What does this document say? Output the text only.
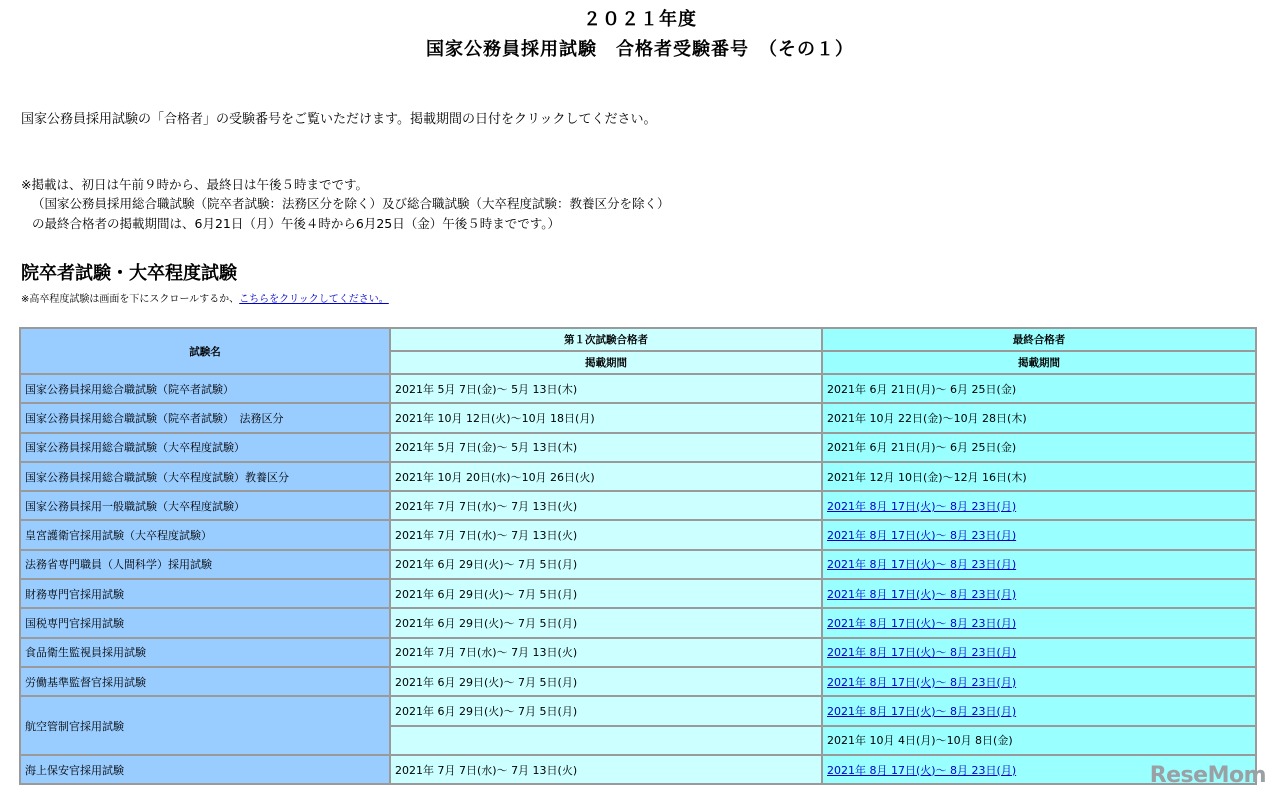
２０２１年度
国家公務員採用試験　合格者受験番号　（その１）
国家公務員採用試験の「合格者」の受験番号をご覧いただけます。掲載期間の日付をクリックしてください。
※掲載は、初日は午前９時から、最終日は午後５時までです。
（国家公務員採用総合職試験（院卒者試験：法務区分を除く）及び総合職試験（大卒程度試験：教養区分を除く）
の最終合格者の掲載期間は、6月21日（月）午後４時から6月25日（金）午後５時までです。）
院卒者試験・大卒程度試験
※高卒程度試験は画面を下にスクロールするか、こちらをクリックしてください。
試験名	第１次試験合格者	最終合格者
	掲載期間	掲載期間
国家公務員採用総合職試験（院卒者試験）	2021年 5月 7日(金)～ 5月 13日(木)	2021年 6月 21日(月)～ 6月 25日(金)
国家公務員採用総合職試験（院卒者試験）　法務区分	2021年 10月 12日(火)～10月 18日(月)	2021年 10月 22日(金)～10月 28日(木)
国家公務員採用総合職試験（大卒程度試験）	2021年 5月 7日(金)～ 5月 13日(木)	2021年 6月 21日(月)～ 6月 25日(金)
国家公務員採用総合職試験（大卒程度試験）教養区分	2021年 10月 20日(水)～10月 26日(火)	2021年 12月 10日(金)～12月 16日(木)
国家公務員採用一般職試験（大卒程度試験）	2021年 7月 7日(水)～ 7月 13日(火)	2021年 8月 17日(火)～ 8月 23日(月)
皇宮護衛官採用試験（大卒程度試験）	2021年 7月 7日(水)～ 7月 13日(火)	2021年 8月 17日(火)～ 8月 23日(月)
法務省専門職員（人間科学）採用試験	2021年 6月 29日(火)～ 7月 5日(月)	2021年 8月 17日(火)～ 8月 23日(月)
財務専門官採用試験	2021年 6月 29日(火)～ 7月 5日(月)	2021年 8月 17日(火)～ 8月 23日(月)
国税専門官採用試験	2021年 6月 29日(火)～ 7月 5日(月)	2021年 8月 17日(火)～ 8月 23日(月)
食品衛生監視員採用試験	2021年 7月 7日(水)～ 7月 13日(火)	2021年 8月 17日(火)～ 8月 23日(月)
労働基準監督官採用試験	2021年 6月 29日(火)～ 7月 5日(月)	2021年 8月 17日(火)～ 8月 23日(月)
航空管制官採用試験	2021年 6月 29日(火)～ 7月 5日(月)	2021年 8月 17日(火)～ 8月 23日(月)
		2021年 10月 4日(月)～10月 8日(金)
海上保安官採用試験	2021年 7月 7日(水)～ 7月 13日(火)	2021年 8月 17日(火)～ 8月 23日(月)	ReseMom
